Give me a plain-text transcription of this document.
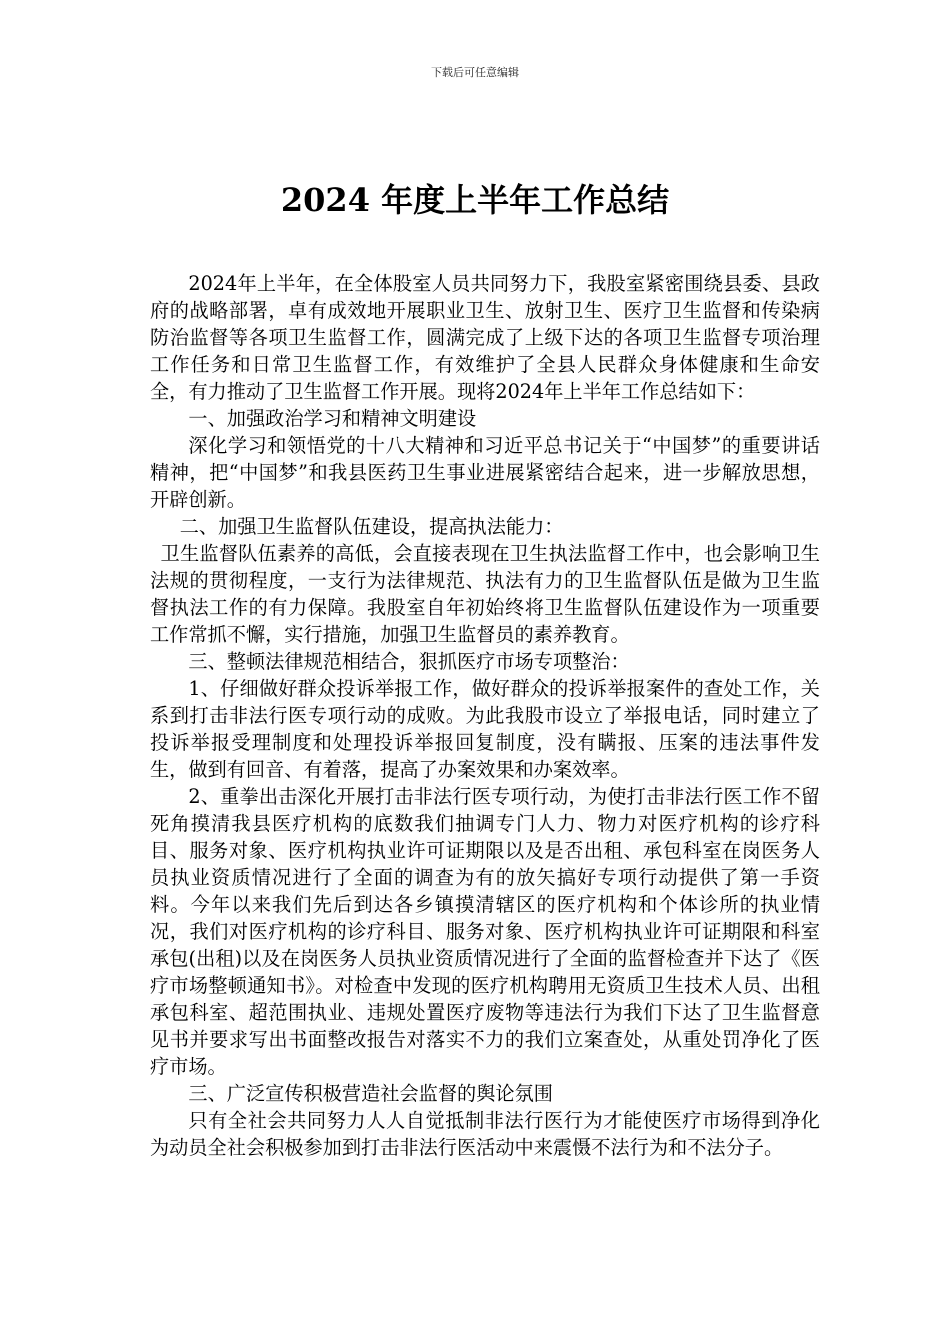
下载后可任意编辑
2024 年度上半年工作总结

2024年上半年，在全体股室人员共同努力下，我股室紧密围绕县委、县政府的战略部署，卓有成效地开展职业卫生、放射卫生、医疗卫生监督和传染病防治监督等各项卫生监督工作，圆满完成了上级下达的各项卫生监督专项治理工作任务和日常卫生监督工作，有效维护了全县人民群众身体健康和生命安全，有力推动了卫生监督工作开展。现将2024年上半年工作总结如下：

一、加强政治学习和精神文明建设

深化学习和领悟党的十八大精神和习近平总书记关于“中国梦”的重要讲话精神，把“中国梦”和我县医药卫生事业进展紧密结合起来，进一步解放思想，开辟创新。

二、加强卫生监督队伍建设，提高执法能力：

卫生监督队伍素养的高低，会直接表现在卫生执法监督工作中，也会影响卫生法规的贯彻程度，一支行为法律规范、执法有力的卫生监督队伍是做为卫生监督执法工作的有力保障。我股室自年初始终将卫生监督队伍建设作为一项重要工作常抓不懈，实行措施，加强卫生监督员的素养教育。

三、整顿法律规范相结合，狠抓医疗市场专项整治：

1、仔细做好群众投诉举报工作，做好群众的投诉举报案件的查处工作，关系到打击非法行医专项行动的成败。为此我股市设立了举报电话，同时建立了投诉举报受理制度和处理投诉举报回复制度，没有瞒报、压案的违法事件发生，做到有回音、有着落，提高了办案效果和办案效率。

2、重拳出击深化开展打击非法行医专项行动，为使打击非法行医工作不留死角摸清我县医疗机构的底数我们抽调专门人力、物力对医疗机构的诊疗科目、服务对象、医疗机构执业许可证期限以及是否出租、承包科室在岗医务人员执业资质情况进行了全面的调查为有的放矢搞好专项行动提供了第一手资料。今年以来我们先后到达各乡镇摸清辖区的医疗机构和个体诊所的执业情况，我们对医疗机构的诊疗科目、服务对象、医疗机构执业许可证期限和科室承包(出租)以及在岗医务人员执业资质情况进行了全面的监督检查并下达了《医疗市场整顿通知书》。对检查中发现的医疗机构聘用无资质卫生技术人员、出租承包科室、超范围执业、违规处置医疗废物等违法行为我们下达了卫生监督意见书并要求写出书面整改报告对落实不力的我们立案查处，从重处罚净化了医疗市场。

三、广泛宣传积极营造社会监督的舆论氛围

只有全社会共同努力人人自觉抵制非法行医行为才能使医疗市场得到净化为动员全社会积极参加到打击非法行医活动中来震慑不法行为和不法分子。
